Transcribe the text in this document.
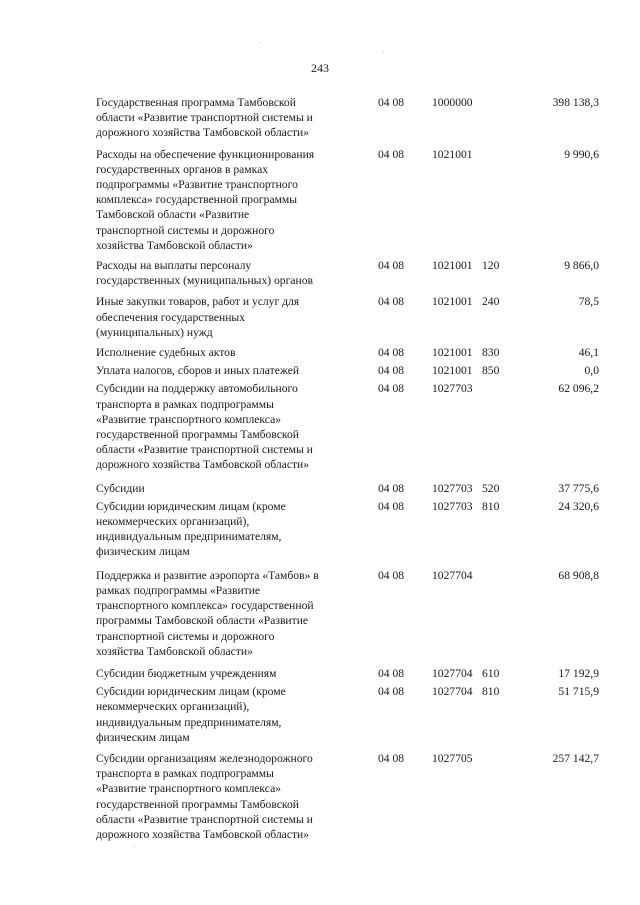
243
Государственная программа Тамбовской
области «Развитие транспортной системы и
дорожного хозяйства Тамбовской области»
04 08	1000000	398 138,3
Расходы на обеспечение функционирования
государственных органов в рамках
подпрограммы «Развитие транспортного
комплекса» государственной программы
Тамбовской области «Развитие
транспортной системы и дорожного
хозяйства Тамбовской области»
04 08	1021001	9 990,6
Расходы на выплаты персоналу
государственных (муниципальных) органов
04 08	1021001 120	9 866,0
Иные закупки товаров, работ и услуг для
обеспечения государственных
(муниципальных) нужд
04 08	1021001 240	78,5
Исполнение судебных актов	04 08	1021001 830	46,1
Уплата налогов, сборов и иных платежей	04 08	1021001 850	0,0
Субсидии на поддержку автомобильного
транспорта в рамках подпрограммы
«Развитие транспортного комплекса»
государственной программы Тамбовской
области «Развитие транспортной системы и
дорожного хозяйства Тамбовской области»
04 08	1027703	62 096,2
Субсидии	04 08	1027703 520	37 775,6
Субсидии юридическим лицам (кроме
некоммерческих организаций),
индивидуальным предпринимателям,
физическим лицам
04 08	1027703 810	24 320,6
Поддержка и развитие аэропорта «Тамбов» в
рамках подпрограммы «Развитие
транспортного комплекса» государственной
программы Тамбовской области «Развитие
транспортной системы и дорожного
хозяйства Тамбовской области»
04 08	1027704	68 908,8
Субсидии бюджетным учреждениям	04 08	1027704 610	17 192,9
Субсидии юридическим лицам (кроме
некоммерческих организаций),
индивидуальным предпринимателям,
физическим лицам
04 08	1027704 810	51 715,9
Субсидии организациям железнодорожного
транспорта в рамках подпрограммы
«Развитие транспортного комплекса»
государственной программы Тамбовской
области «Развитие транспортной системы и
дорожного хозяйства Тамбовской области»
04 08	1027705	257 142,7
